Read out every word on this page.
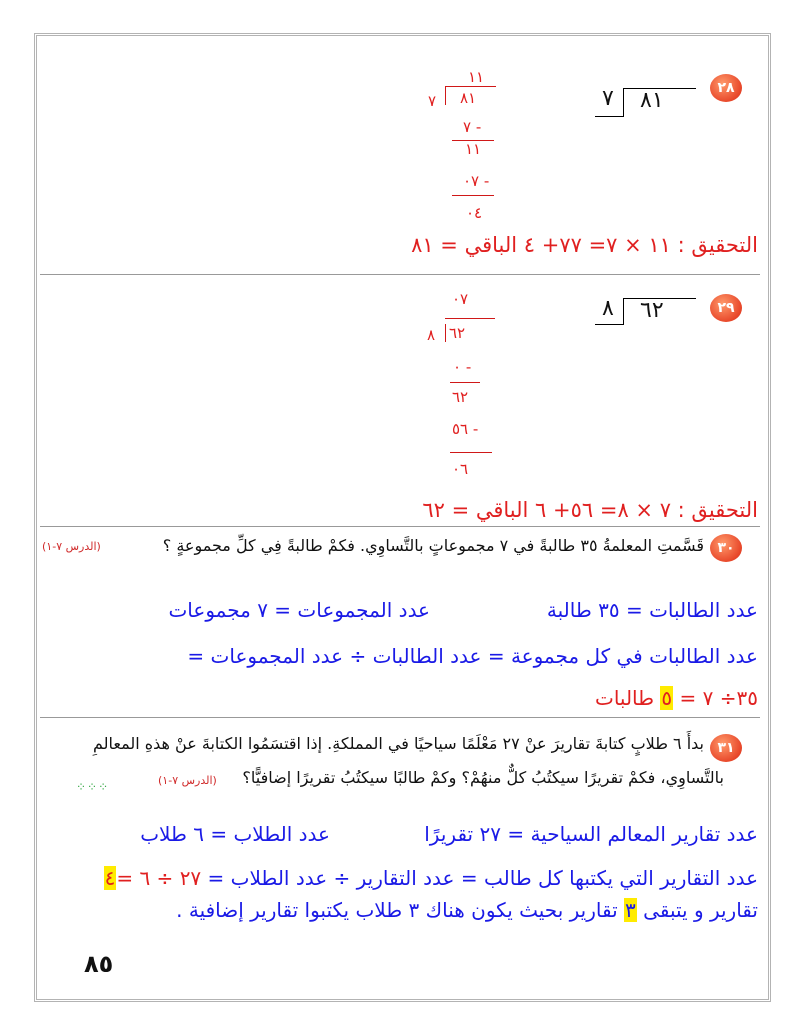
٢٨
٧ ٨١
١١
٧ ٨١
٧ -
١١
٠٧ -
٠٤
التحقيق : ١١ × ٧= ٧٧+ ٤ الباقي = ٨١
٢٩
٨ ٦٢
٠٧
٨ ٦٢
٠ -
٦٢
٥٦ -
٠٦
التحقيق : ٧ × ٨= ٥٦+ ٦ الباقي = ٦٢
٣٠
قَسَّمتِ المعلمةُ ٣٥ طالبةً في ٧ مجموعاتٍ بالتَّساوِي. فكمْ طالبةً فِي كلِّ مجموعةٍ ؟
(الدرس ٧-١)
عدد الطالبات = ٣٥ طالبة
عدد المجموعات = ٧ مجموعات
عدد الطالبات في كل مجموعة = عدد الطالبات ÷ عدد المجموعات =
٣٥÷ ٧ = ٥ طالبات
٣١
بدأَ ٦ طلابٍ كتابةَ تقاريرَ عنْ ٢٧ مَعْلَمًا سياحيًا في المملكةِ. إذا اقتسَمُوا الكتابةَ عنْ هذهِ المعالمِ
بالتَّساوِي، فكمْ تقريرًا سيكتُبُ كلٌّ منهُمْ؟ وكمْ طالبًا سيكتُبُ تقريرًا إضافيًّا؟
(الدرس ٧-١)
⁘⁘⁘
عدد تقارير المعالم السياحية = ٢٧ تقريرًا
عدد الطلاب = ٦ طلاب
عدد التقارير التي يكتبها كل طالب = عدد التقارير ÷ عدد الطلاب = ٢٧ ÷ ٦ =٤
تقارير و يتبقى ٣ تقارير بحيث يكون هناك ٣ طلاب يكتبوا تقارير إضافية .
٨٥
